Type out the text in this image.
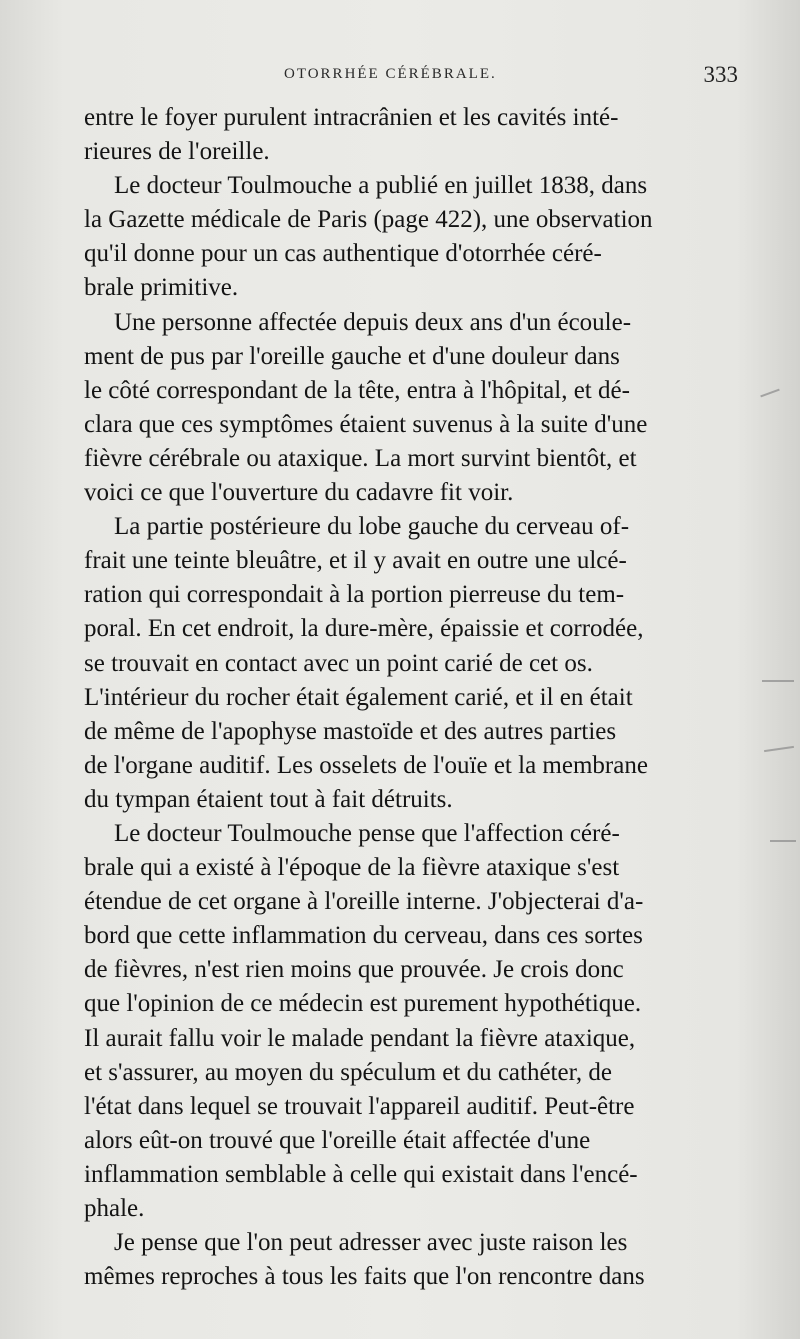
OTORRHÉE CÉRÉBRALE.	333
entre le foyer purulent intracrânien et les cavités inté-
rieures de l'oreille.
Le docteur Toulmouche a publié en juillet 1838, dans
la Gazette médicale de Paris (page 422), une observation
qu'il donne pour un cas authentique d'otorrhée céré-
brale primitive.
Une personne affectée depuis deux ans d'un écoule-
ment de pus par l'oreille gauche et d'une douleur dans
le côté correspondant de la tête, entra à l'hôpital, et dé-
clara que ces symptômes étaient suvenus à la suite d'une
fièvre cérébrale ou ataxique. La mort survint bientôt, et
voici ce que l'ouverture du cadavre fit voir.
La partie postérieure du lobe gauche du cerveau of-
frait une teinte bleuâtre, et il y avait en outre une ulcé-
ration qui correspondait à la portion pierreuse du tem-
poral. En cet endroit, la dure-mère, épaissie et corrodée,
se trouvait en contact avec un point carié de cet os.
L'intérieur du rocher était également carié, et il en était
de même de l'apophyse mastoïde et des autres parties
de l'organe auditif. Les osselets de l'ouïe et la membrane
du tympan étaient tout à fait détruits.
Le docteur Toulmouche pense que l'affection céré-
brale qui a existé à l'époque de la fièvre ataxique s'est
étendue de cet organe à l'oreille interne. J'objecterai d'a-
bord que cette inflammation du cerveau, dans ces sortes
de fièvres, n'est rien moins que prouvée. Je crois donc
que l'opinion de ce médecin est purement hypothétique.
Il aurait fallu voir le malade pendant la fièvre ataxique,
et s'assurer, au moyen du spéculum et du cathéter, de
l'état dans lequel se trouvait l'appareil auditif. Peut-être
alors eût-on trouvé que l'oreille était affectée d'une
inflammation semblable à celle qui existait dans l'encé-
phale.
Je pense que l'on peut adresser avec juste raison les
mêmes reproches à tous les faits que l'on rencontre dans
